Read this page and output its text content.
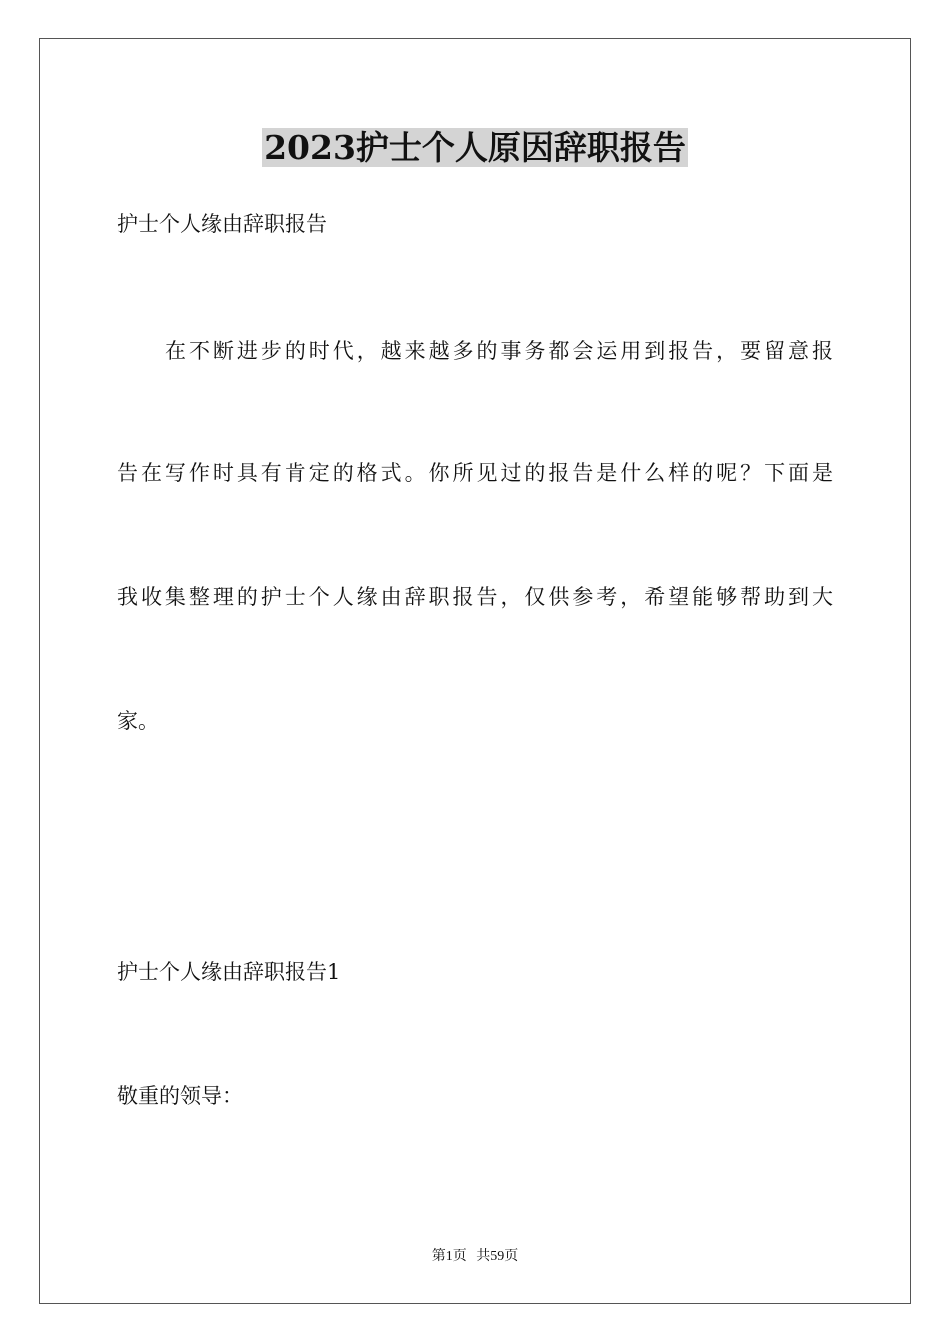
2023护士个人原因辞职报告
护士个人缘由辞职报告
在不断进步的时代，越来越多的事务都会运用到报告，要留意报
告在写作时具有肯定的格式。你所见过的报告是什么样的呢？下面是
我收集整理的护士个人缘由辞职报告，仅供参考，希望能够帮助到大
家。
护士个人缘由辞职报告1
敬重的领导：
第1页 共59页
